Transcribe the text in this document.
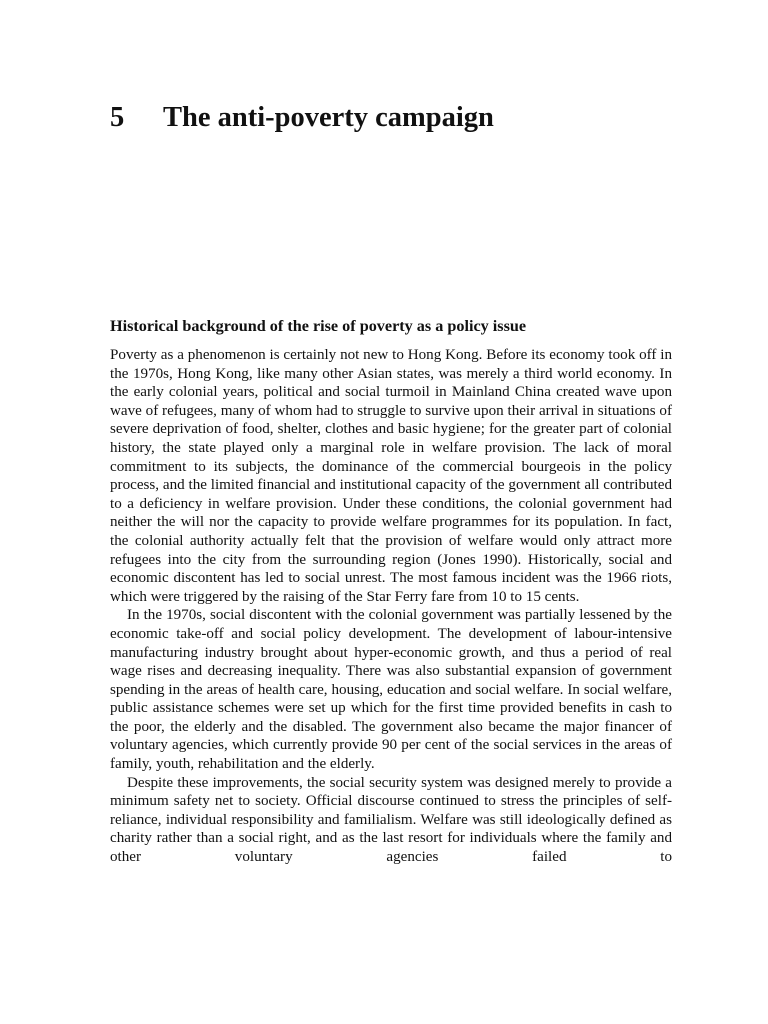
5 The anti-poverty campaign
Historical background of the rise of poverty as a policy issue

Poverty as a phenomenon is certainly not new to Hong Kong. Before its economy took off in the 1970s, Hong Kong, like many other Asian states, was merely a third world economy. In the early colonial years, political and social turmoil in Mainland China created wave upon wave of refugees, many of whom had to struggle to survive upon their arrival in situations of severe deprivation of food, shelter, clothes and basic hygiene; for the greater part of colonial history, the state played only a marginal role in welfare provision. The lack of moral commitment to its subjects, the dominance of the commercial bourgeois in the policy process, and the limited financial and institutional capacity of the government all contributed to a deficiency in welfare provision. Under these conditions, the colonial government had neither the will nor the capacity to provide welfare programmes for its population. In fact, the colonial authority actually felt that the provision of welfare would only attract more refugees into the city from the surrounding region (Jones 1990). Historically, social and economic discontent has led to social unrest. The most famous incident was the 1966 riots, which were triggered by the raising of the Star Ferry fare from 10 to 15 cents.

In the 1970s, social discontent with the colonial government was partially lessened by the economic take-off and social policy development. The development of labour-intensive manufacturing industry brought about hyper-economic growth, and thus a period of real wage rises and decreasing inequality. There was also substantial expansion of government spending in the areas of health care, housing, education and social welfare. In social welfare, public assistance schemes were set up which for the first time provided benefits in cash to the poor, the elderly and the disabled. The government also became the major financer of voluntary agencies, which currently provide 90 per cent of the social services in the areas of family, youth, rehabilitation and the elderly.

Despite these improvements, the social security system was designed merely to provide a minimum safety net to society. Official discourse continued to stress the principles of self-reliance, individual responsibility and familialism. Welfare was still ideologically defined as charity rather than a social right, and as the last resort for individuals where the family and other voluntary agencies failed to
